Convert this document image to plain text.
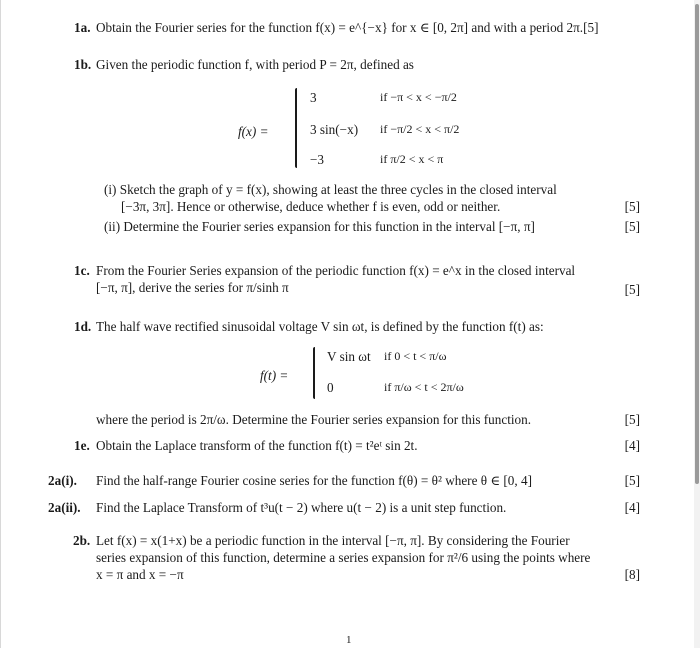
1a. Obtain the Fourier series for the function f(x) = e^{−x} for x ∈ [0, 2π] and with a period 2π.[5]
1b. Given the periodic function f, with period P = 2π, defined as
f(x) =
3	if −π < x < −π/2
3 sin(−x) if −π/2 < x < π/2
−3	if π/2 < x < π
(i) Sketch the graph of y = f(x), showing at least the three cycles in the closed interval
[−3π, 3π]. Hence or otherwise, deduce whether f is even, odd or neither.	[5]
(ii) Determine the Fourier series expansion for this function in the interval [−π, π]	[5]
1c. From the Fourier Series expansion of the periodic function f(x) = e^x in the closed interval
[−π, π], derive the series for π/sinh π	[5]
1d. The half wave rectified sinusoidal voltage V sin ωt, is defined by the function f(t) as:
f(t) =
V sin ωt if 0 < t < π/ω
0	if π/ω < t < 2π/ω
where the period is 2π/ω. Determine the Fourier series expansion for this function.	[5]
1e. Obtain the Laplace transform of the function f(t) = t²eᵗ sin 2t.	[4]
2a(i). Find the half-range Fourier cosine series for the function f(θ) = θ² where θ ∈ [0, 4]	[5]
2a(ii). Find the Laplace Transform of t³u(t − 2) where u(t − 2) is a unit step function.	[4]
2b. Let f(x) = x(1+x) be a periodic function in the interval [−π, π]. By considering the Fourier
series expansion of this function, determine a series expansion for π²/6 using the points where
x = π and x = −π	[8]
1
